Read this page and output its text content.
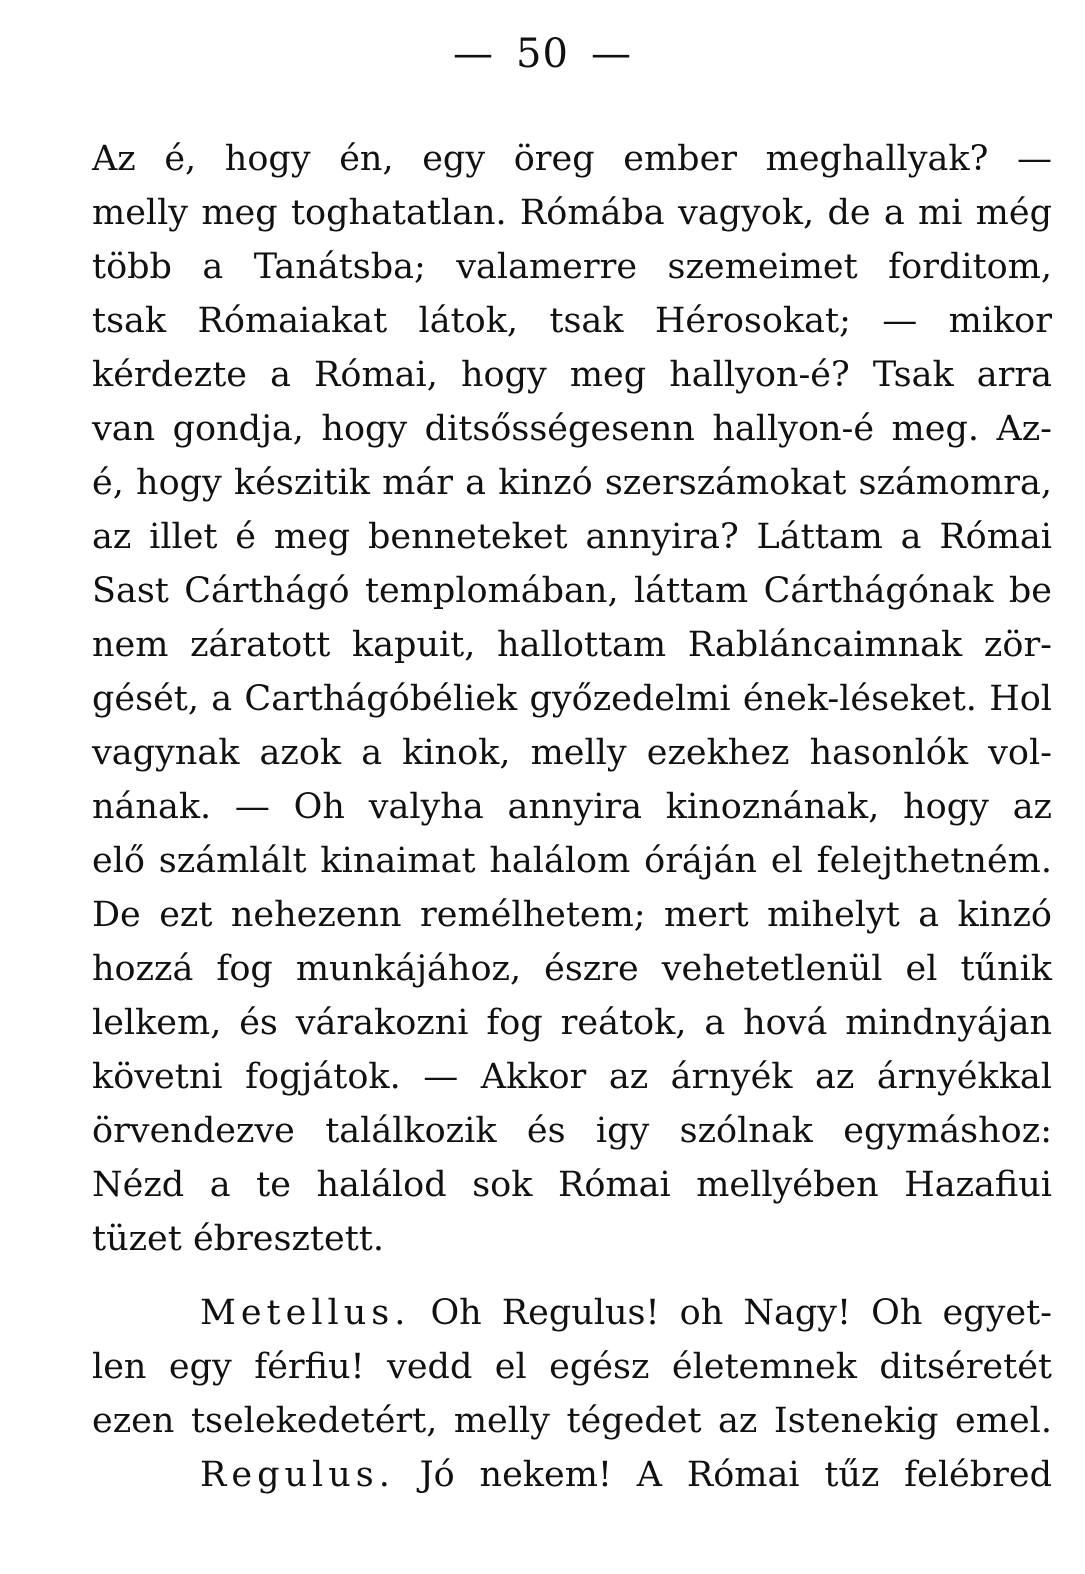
— 50 —
Az é, hogy én, egy öreg ember meghallyak? —
melly meg toghatatlan. Rómába vagyok, de a mi még
több a Tanátsba; valamerre szemeimet forditom,
tsak Rómaiakat látok, tsak Hérosokat; — mikor
kérdezte a Római, hogy meg hallyon-é? Tsak arra
van gondja, hogy ditsősségesenn hallyon-é meg. Az-
é, hogy készitik már a kinzó szerszámokat számomra,
az illet é meg benneteket annyira? Láttam a Római
Sast Cárthágó templomában, láttam Cárthágónak be
nem záratott kapuit, hallottam Rabláncaimnak zör-
gését, a Carthágóbéliek győzedelmi ének-léseket. Hol
vagynak azok a kinok, melly ezekhez hasonlók vol-
nának. — Oh valyha annyira kinoznának, hogy az
elő számlált kinaimat halálom óráján el felejthetném.
De ezt nehezenn remélhetem; mert mihelyt a kinzó
hozzá fog munkájához, észre vehetetlenül el tűnik
lelkem, és várakozni fog reátok, a hová mindnyájan
követni fogjátok. — Akkor az árnyék az árnyékkal
örvendezve találkozik és igy szólnak egymáshoz:
Nézd a te halálod sok Római mellyében Hazafiui
tüzet ébresztett.
Metellus. Oh Regulus! oh Nagy! Oh egyet-
len egy férfiu! vedd el egész életemnek ditséretét
ezen tselekedetért, melly tégedet az Istenekig emel.
Regulus. Jó nekem! A Római tűz felébred
